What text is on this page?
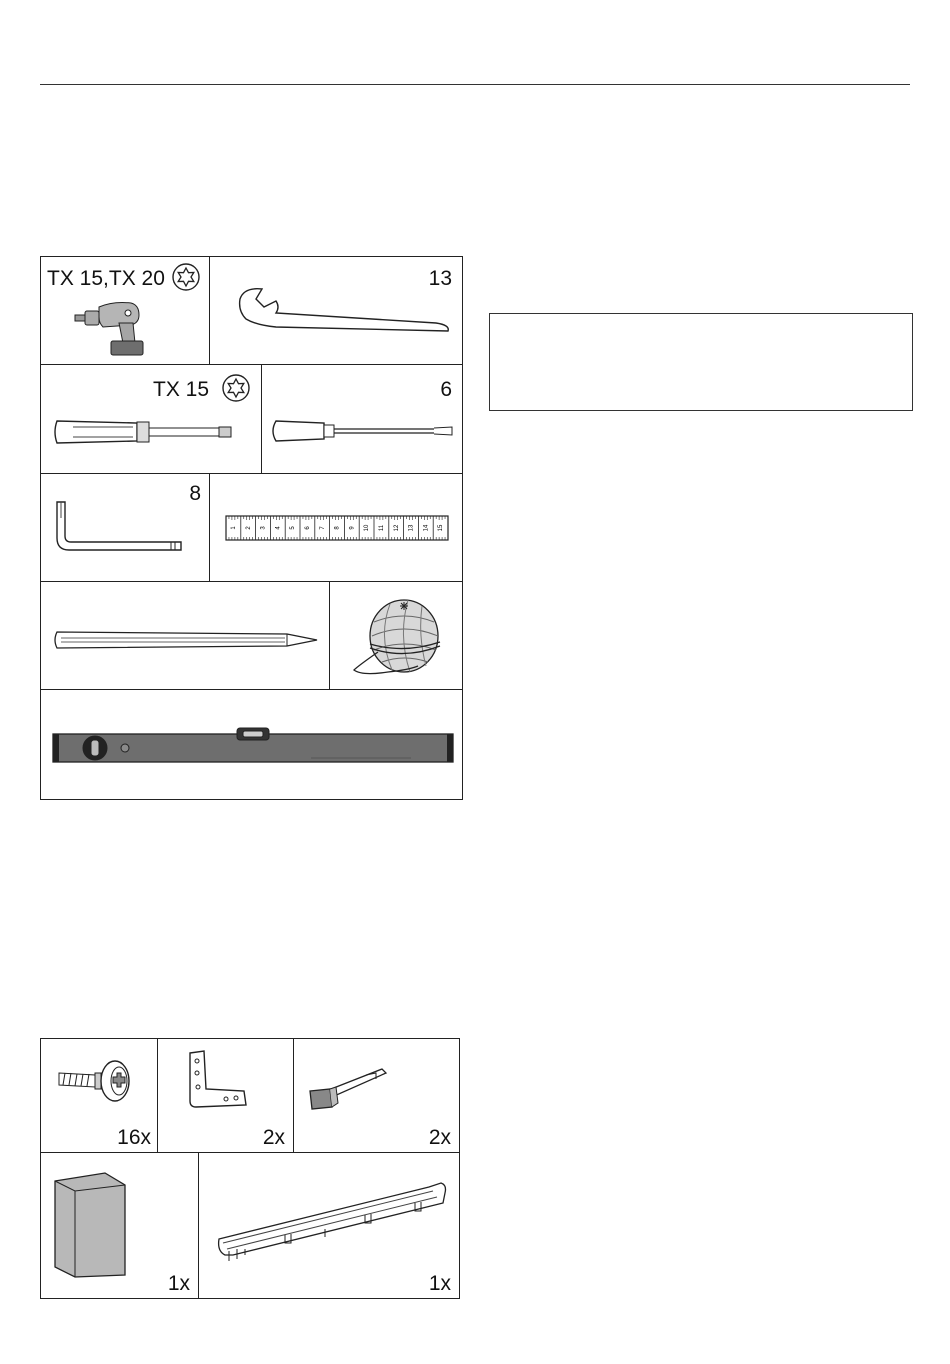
TX 15,TX 20	13
TX 15	6
8
1 2 3 4 5 6 7 8 9 10 11 12 13 14 15
16x	2x	2x
1x	1x
